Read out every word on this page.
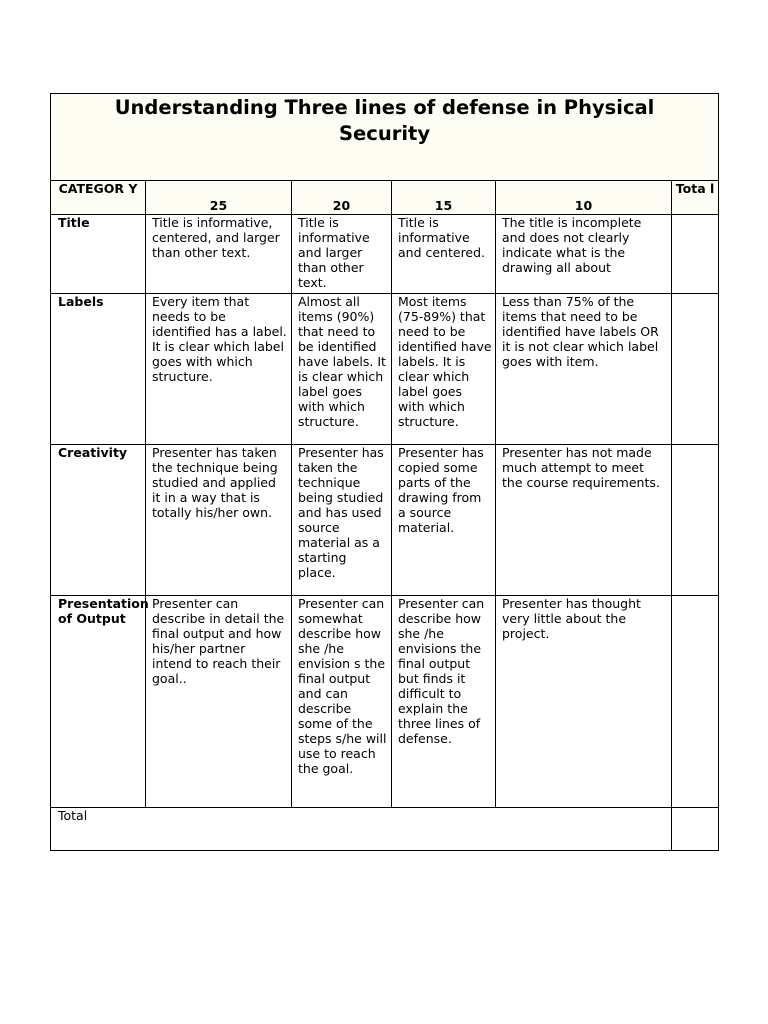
Understanding Three lines of defense in Physical Security					

CATEGOR Y	25	20	15	10	Tota l
Title	Title is informative, centered, and larger than other text.	Title is informative and larger than other text.	Title is informative and centered.	The title is incomplete and does not clearly indicate what is the drawing all about	
Labels	Every item that needs to be identified has a label. It is clear which label goes with which structure.	Almost all items (90%) that need to be identified have labels. It is clear which label goes with which structure.	Most items (75-89%) that need to be identified have labels. It is clear which label goes with which structure.	Less than 75% of the items that need to be identified have labels OR it is not clear which label goes with item.	
Creativity	Presenter has taken the technique being studied and applied it in a way that is totally his/her own.	Presenter has taken the technique being studied and has used source material as a starting place.	Presenter has copied some parts of the drawing from a source material.	Presenter has not made much attempt to meet the course requirements.	
Presentation of Output	Presenter can describe in detail the final output and how his/her partner intend to reach their goal..	Presenter can somewhat describe how she /he envision s the final output and can describe some of the steps s/he will use to reach the goal.	Presenter can describe how she /he envisions the final output but finds it difficult to explain the three lines of defense.	Presenter has thought very little about the project.	
Total					
